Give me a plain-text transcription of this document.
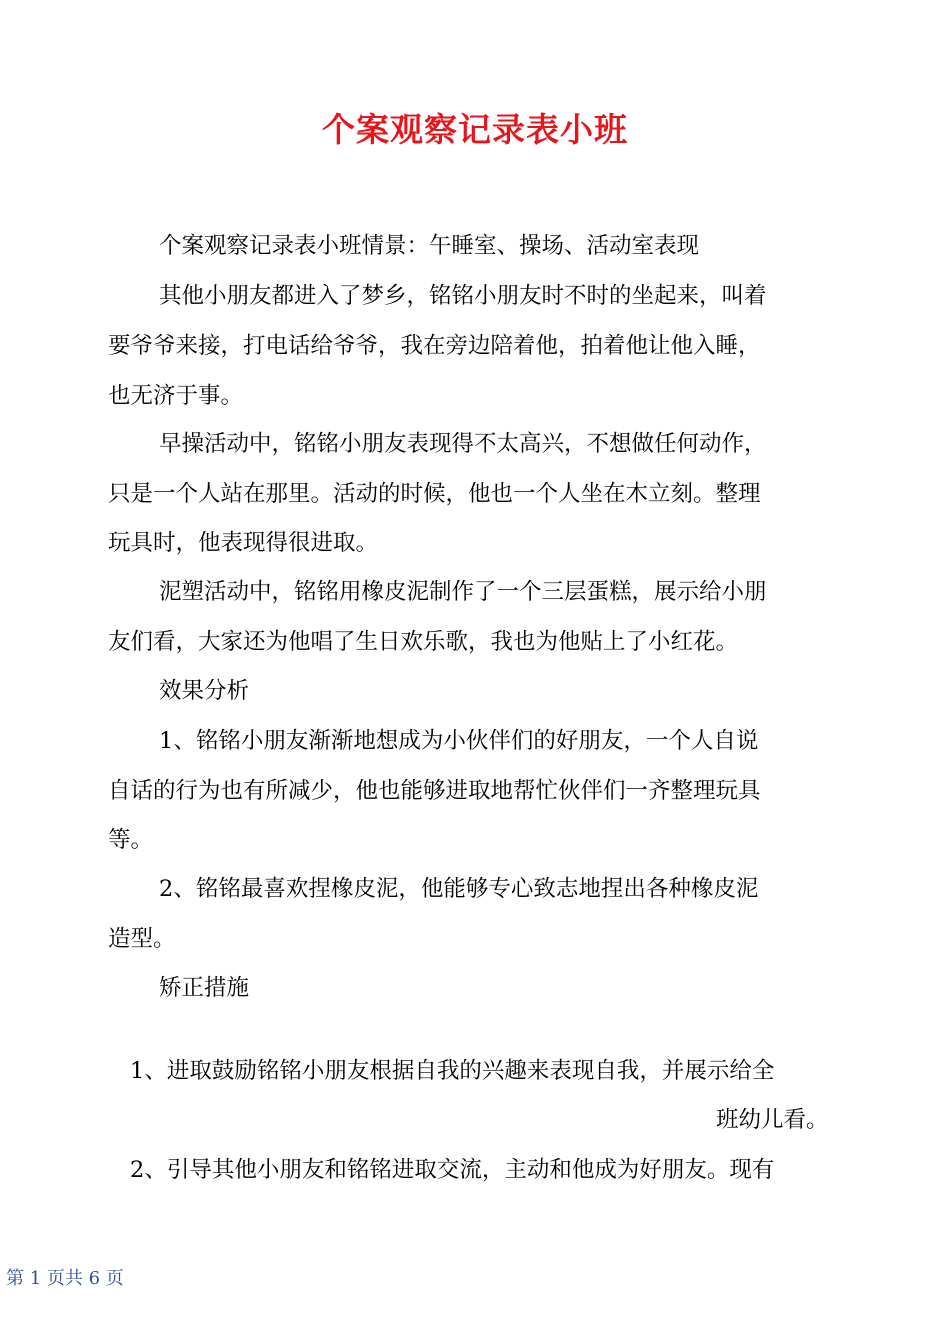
个案观察记录表小班
个案观察记录表小班情景：午睡室、操场、活动室表现
其他小朋友都进入了梦乡，铭铭小朋友时不时的坐起来，叫着
要爷爷来接，打电话给爷爷，我在旁边陪着他，拍着他让他入睡，
也无济于事。
早操活动中，铭铭小朋友表现得不太高兴，不想做任何动作，
只是一个人站在那里。活动的时候，他也一个人坐在木立刻。整理
玩具时，他表现得很进取。
泥塑活动中，铭铭用橡皮泥制作了一个三层蛋糕，展示给小朋
友们看，大家还为他唱了生日欢乐歌，我也为他贴上了小红花。
效果分析
1、铭铭小朋友渐渐地想成为小伙伴们的好朋友，一个人自说
自话的行为也有所减少，他也能够进取地帮忙伙伴们一齐整理玩具
等。
2、铭铭最喜欢捏橡皮泥，他能够专心致志地捏出各种橡皮泥
造型。
矫正措施
1、进取鼓励铭铭小朋友根据自我的兴趣来表现自我，并展示给全
班幼儿看。
2、引导其他小朋友和铭铭进取交流，主动和他成为好朋友。现有
第 1 页共 6 页
